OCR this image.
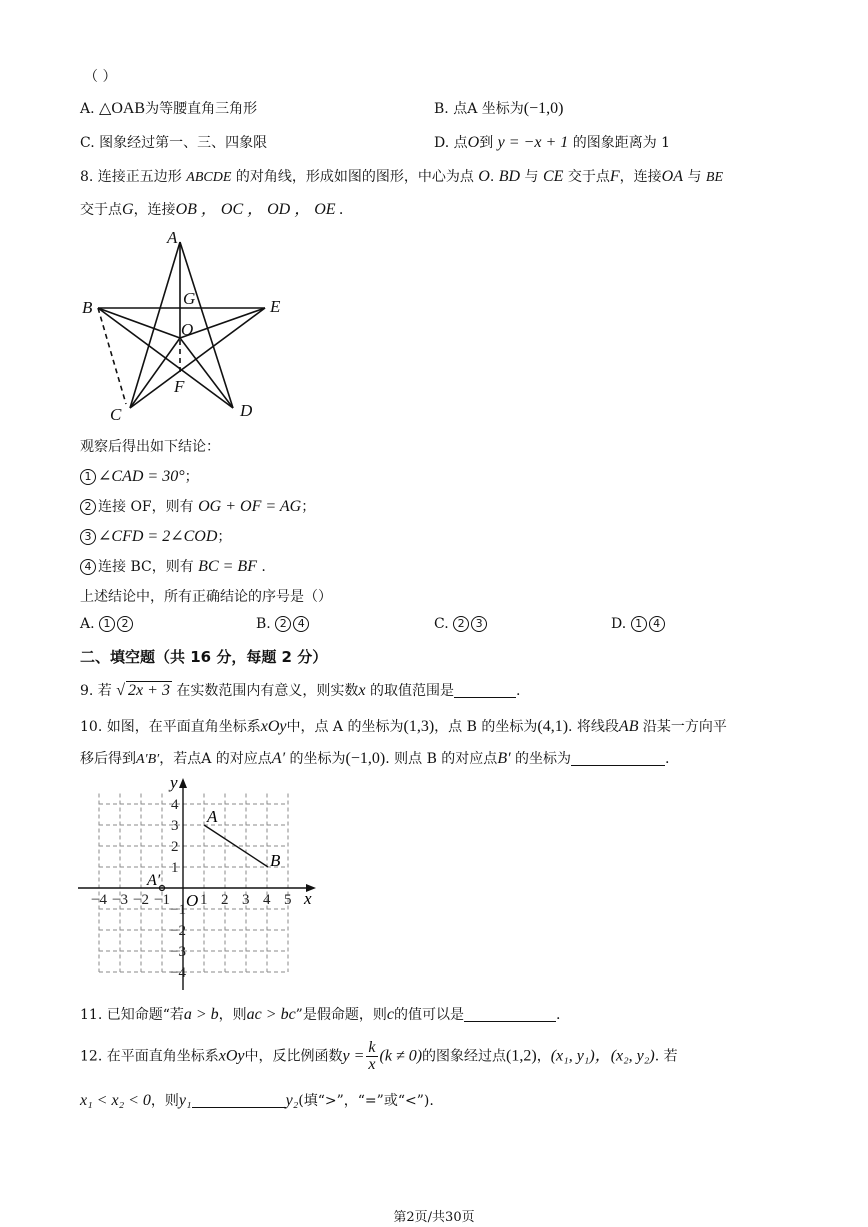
（ ）
A. △OAB为等腰直角三角形	B. 点A 坐标为(−1,0)
C. 图象经过第一、三、四象限	D. 点O到 y = −x + 1 的图象距离为 1
8. 连接正五边形 ABCDE 的对角线，形成如图的图形，中心为点 O. BD 与 CE 交于点F，连接OA 与 BE
交于点G，连接OB ， OC ， OD ， OE .
A
B
C	D
E
F
G
O
观察后得出如下结论：
1 ∠CAD = 30°；
2 连接 OF，则有 OG + OF = AG；
3 ∠CFD = 2∠COD；
4 连接 BC，则有 BC = BF .
上述结论中，所有正确结论的序号是（）
A. 1 2	B. 2 4	C. 2 3	D. 1 4
二、填空题（共 16 分，每题 2 分）
9. 若 √ 2x + 3 在实数范围内有意义，则实数x 的取值范围是	.
10. 如图，在平面直角坐标系xOy中，点 A 的坐标为(1,3)，点 B 的坐标为(4,1). 将线段AB 沿某一方向平
移后得到A′B′，若点A 的对应点A′ 的坐标为(−1,0). 则点 B 的对应点B′ 的坐标为	.
−4 −3 −2 −1 1 2 3 4 5
1
2
3
4
−1
−2
−3
−4
x
y
O
A
B
A′
11. 已知命题“若a > b，则ac > bc”是假命题，则c的值可以是	.
12. 在平面直角坐标系xOy中，反比例函数$y = \frac{k}{x} (k \ne 0)$的图象经过点(1,2)，(x₁, y₁)，(x₂, y₂). 若
x₁ < x₂ < 0，则y₁	y₂(填“>”，“=”或“<”).
第2页/共30页
